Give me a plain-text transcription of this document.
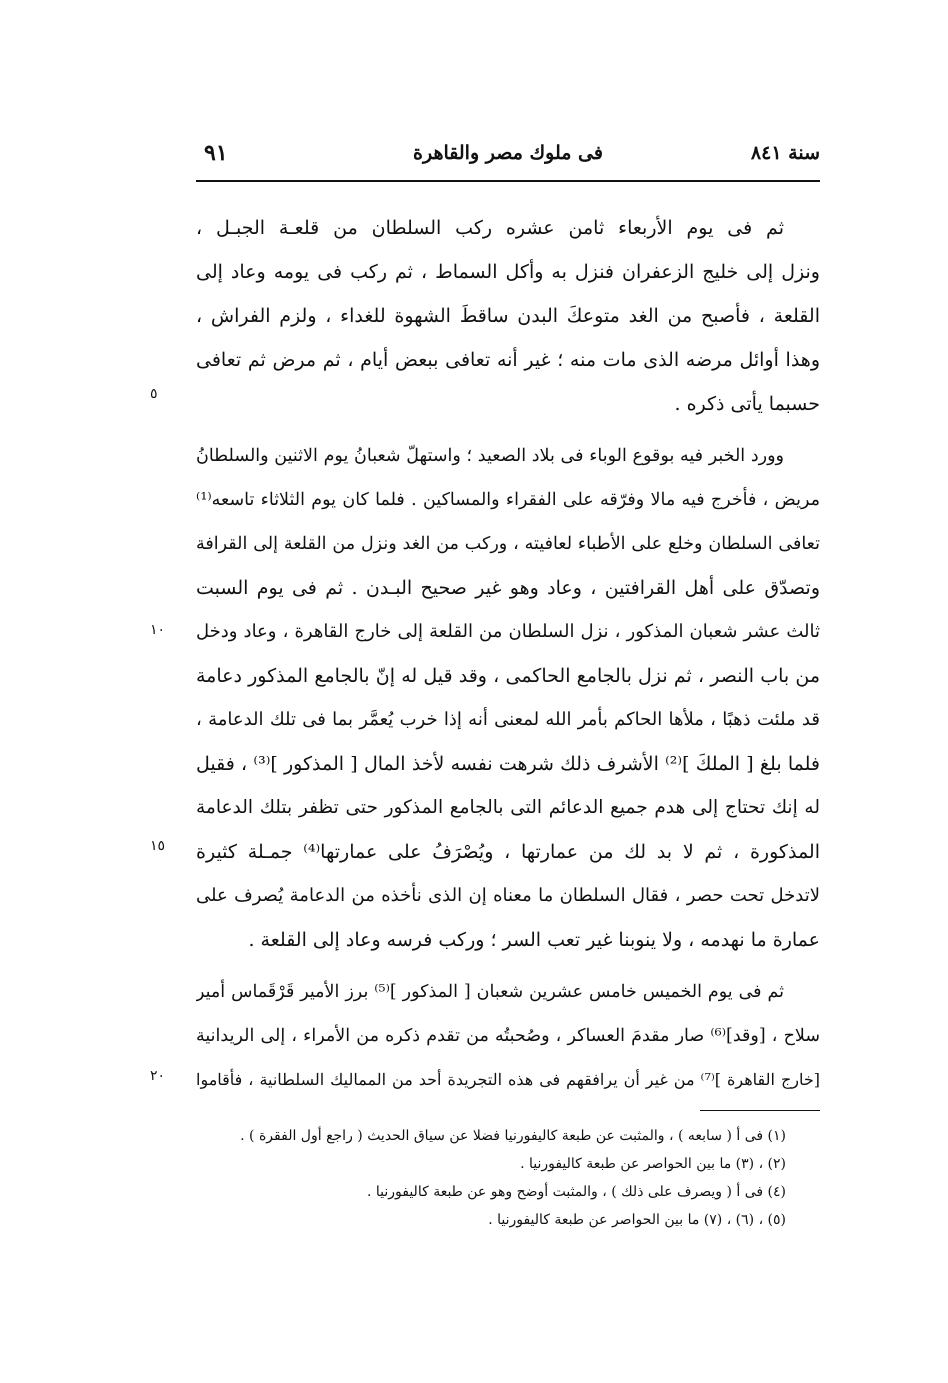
سنة ٨٤١
فى ملوك مصر والقاهرة
٩١
ثم فى يوم الأربعاء ثامن عشره ركب السلطان من قلعـة الجبـل ،
ونزل إلى خليج الزعفران فنزل به وأكل السماط ، ثم ركب فى يومه وعاد إلى
القلعة ، فأصبح من الغد متوعكَ البدن ساقطَ الشهوة للغداء ، ولزم الفراش ،
وهذا أوائل مرضه الذى مات منه ؛ غير أنه تعافى ببعض أيام ، ثم مرض ثم تعافى
حسبما يأتى ذكره .
وورد الخبر فيه بوقوع الوباء فى بلاد الصعيد ؛ واستهلّ شعبانُ يوم الاثنين والسلطانُ
مريض ، فأخرج فيه مالا وفرّقه على الفقراء والمساكين . فلما كان يوم الثلاثاء تاسعه⁽¹⁾
تعافى السلطان وخلع على الأطباء لعافيته ، وركب من الغد ونزل من القلعة إلى القرافة
وتصدّق على أهل القرافتين ، وعاد وهو غير صحيح البـدن . ثم فى يوم السبت
ثالث عشر شعبان المذكور ، نزل السلطان من القلعة إلى خارج القاهرة ، وعاد ودخل
من باب النصر ، ثم نزل بالجامع الحاكمى ، وقد قيل له إنّ بالجامع المذكور دعامة
قد ملئت ذهبًا ، ملأها الحاكم بأمر الله لمعنى أنه إذا خرب يُعمَّر بما فى تلك الدعامة ،
فلما بلغ [ الملكَ ]⁽²⁾ الأشرف ذلك شرهت نفسه لأخذ المال [ المذكور ]⁽³⁾ ، فقيل
له إنك تحتاج إلى هدم جميع الدعائم التى بالجامع المذكور حتى تظفر بتلك الدعامة
المذكورة ، ثم لا بد لك من عمارتها ، ويُصْرَفُ على عمارتها⁽⁴⁾ جمـلة كثيرة
لاتدخل تحت حصر ، فقال السلطان ما معناه إن الذى نأخذه من الدعامة يُصرف على
عمارة ما نهدمه ، ولا ينوبنا غير تعب السر ؛ وركب فرسه وعاد إلى القلعة .
ثم فى يوم الخميس خامس عشرين شعبان [ المذكور ]⁽⁵⁾ برز الأمير قَرْقَماس أمير
سلاح ، [وقد]⁽⁶⁾ صار مقدمَ العساكر ، وصُحبتُه من تقدم ذكره من الأمراء ، إلى الريدانية
[خارج القاهرة ]⁽⁷⁾ من غير أن يرافقهم فى هذه التجريدة أحد من المماليك السلطانية ، فأقاموا
٥
١٠
١٥
٢٠
(١) فى أ ( سابعه ) ، والمثبت عن طبعة كاليفورنيا فضلا عن سياق الحديث ( راجع أول الفقرة ) .
(٢) ، (٣) ما بين الحواصر عن طبعة كاليفورنيا .
(٤) فى أ ( ويصرف على ذلك ) ، والمثبت أوضح وهو عن طبعة كاليفورنيا .
(٥) ، (٦) ، (٧) ما بين الحواصر عن طبعة كاليفورنيا .
